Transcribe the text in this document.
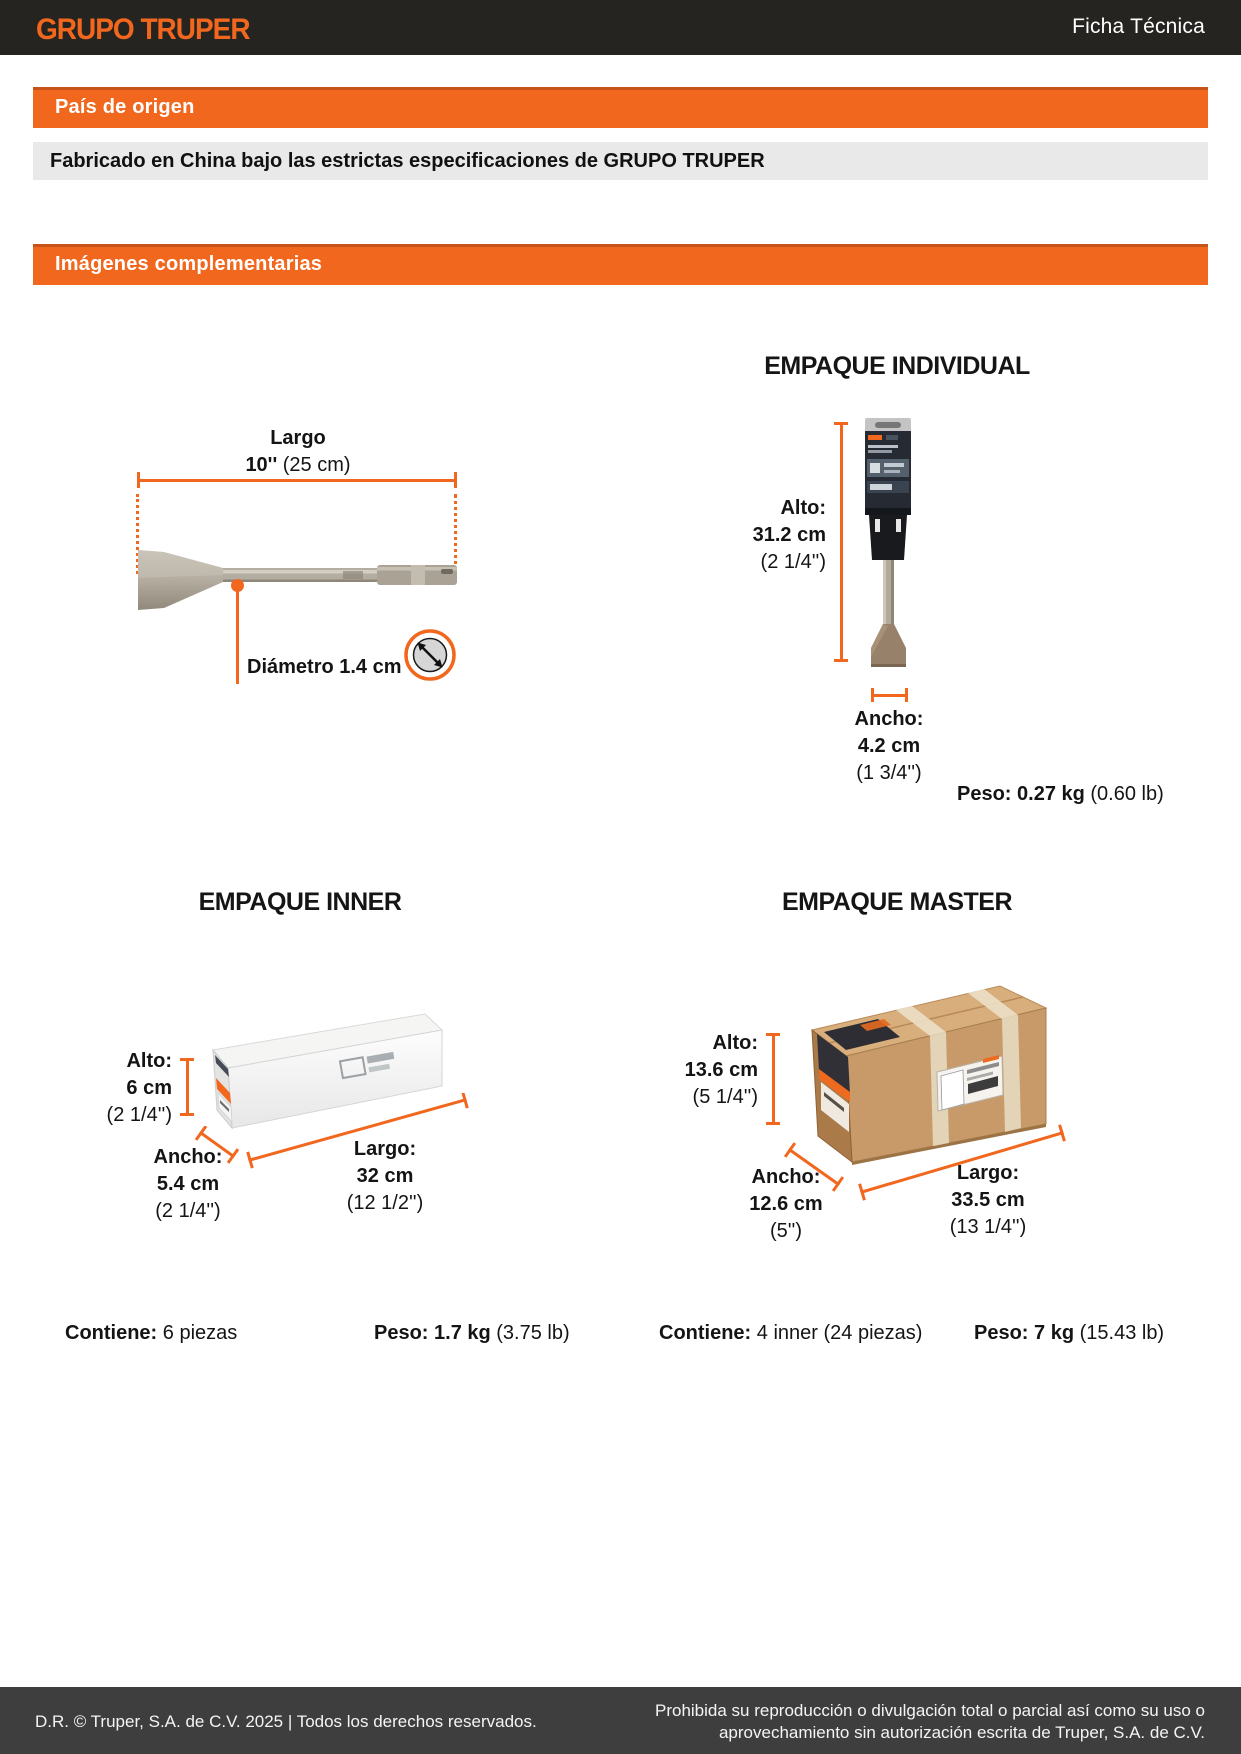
GRUPO TRUPER	Ficha Técnica
País de origen
Fabricado en China bajo las estrictas especificaciones de GRUPO TRUPER
Imágenes complementarias
Largo
10'' (25 cm)
Diámetro 1.4 cm
EMPAQUE INDIVIDUAL
Alto:
31.2 cm
(2 1/4'')
Ancho:
4.2 cm
(1 3/4'')
Peso: 0.27 kg (0.60 lb)
EMPAQUE INNER
Alto:
6 cm
(2 1/4'')
Ancho:
5.4 cm
(2 1/4'')
Largo:
32 cm
(12 1/2'')
EMPAQUE MASTER
Alto:
13.6 cm
(5 1/4'')
Ancho:
12.6 cm
(5'')
Largo:
33.5 cm
(13 1/4'')
Contiene: 6 piezas	Peso: 1.7 kg (3.75 lb)	Contiene: 4 inner (24 piezas)	Peso: 7 kg (15.43 lb)
D.R. © Truper, S.A. de C.V. 2025 | Todos los derechos reservados.
Prohibida su reproducción o divulgación total o parcial así como su uso o
aprovechamiento sin autorización escrita de Truper, S.A. de C.V.
